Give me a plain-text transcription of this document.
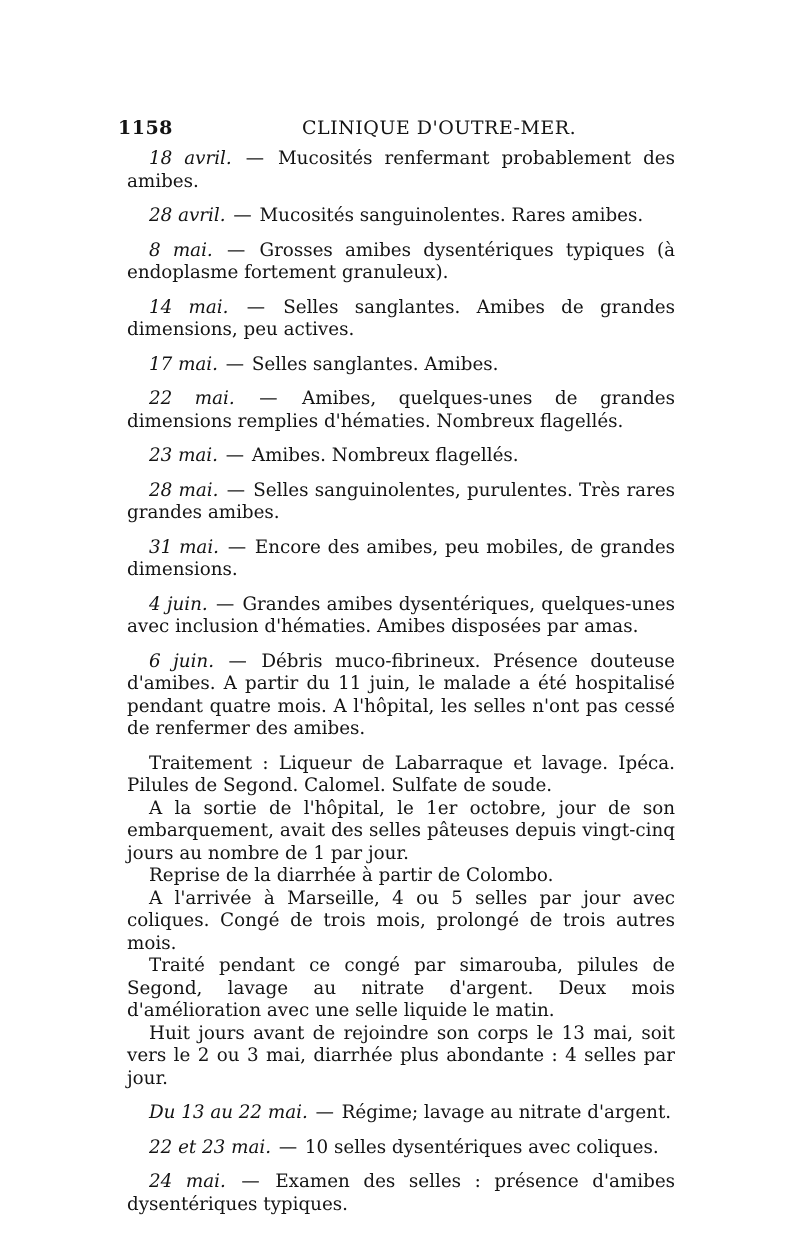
1158	CLINIQUE D'OUTRE-MER.

18 avril. — Mucosités renfermant probablement des amibes.

28 avril. — Mucosités sanguinolentes. Rares amibes.

8 mai. — Grosses amibes dysentériques typiques (à endoplasme fortement granuleux).

14 mai. — Selles sanglantes. Amibes de grandes dimensions, peu actives.

17 mai. — Selles sanglantes. Amibes.

22 mai. — Amibes, quelques-unes de grandes dimensions remplies d'hématies. Nombreux flagellés.

23 mai. — Amibes. Nombreux flagellés.

28 mai. — Selles sanguinolentes, purulentes. Très rares grandes amibes.

31 mai. — Encore des amibes, peu mobiles, de grandes dimensions.

4 juin. — Grandes amibes dysentériques, quelques-unes avec inclusion d'hématies. Amibes disposées par amas.

6 juin. — Débris muco-fibrineux. Présence douteuse d'amibes. A partir du 11 juin, le malade a été hospitalisé pendant quatre mois. A l'hôpital, les selles n'ont pas cessé de renfermer des amibes.

Traitement : Liqueur de Labarraque et lavage. Ipéca. Pilules de Segond. Calomel. Sulfate de soude.

A la sortie de l'hôpital, le 1er octobre, jour de son embarquement, avait des selles pâteuses depuis vingt-cinq jours au nombre de 1 par jour.

Reprise de la diarrhée à partir de Colombo.

A l'arrivée à Marseille, 4 ou 5 selles par jour avec coliques. Congé de trois mois, prolongé de trois autres mois.

Traité pendant ce congé par simarouba, pilules de Segond, lavage au nitrate d'argent. Deux mois d'amélioration avec une selle liquide le matin.

Huit jours avant de rejoindre son corps le 13 mai, soit vers le 2 ou 3 mai, diarrhée plus abondante : 4 selles par jour.

Du 13 au 22 mai. — Régime; lavage au nitrate d'argent.

22 et 23 mai. — 10 selles dysentériques avec coliques.

24 mai. — Examen des selles : présence d'amibes dysentériques typiques.
